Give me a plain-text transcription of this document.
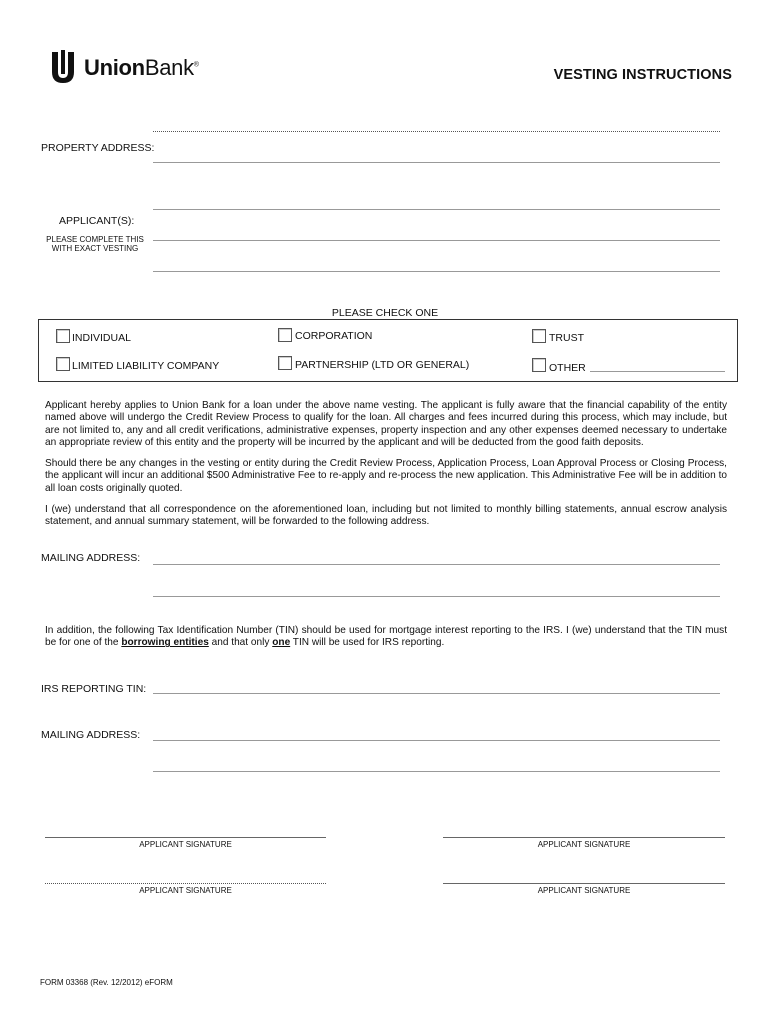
UnionBank®
VESTING INSTRUCTIONS
PROPERTY ADDRESS:
APPLICANT(S):
PLEASE COMPLETE THIS
WITH EXACT VESTING
PLEASE CHECK ONE
INDIVIDUAL	CORPORATION	TRUST
LIMITED LIABILITY COMPANY	PARTNERSHIP (LTD OR GENERAL)	OTHER
Applicant hereby applies to Union Bank for a loan under the above name vesting. The applicant is fully aware that the financial capability of the entity named above will undergo the Credit Review Process to qualify for the loan. All charges and fees incurred during this process, which may include, but are not limited to, any and all credit verifications, administrative expenses, property inspection and any other expenses deemed necessary to undertake an appropriate review of this entity and the property will be incurred by the applicant and will be deducted from the good faith deposits.
Should there be any changes in the vesting or entity during the Credit Review Process, Application Process, Loan Approval Process or Closing Process, the applicant will incur an additional $500 Administrative Fee to re-apply and re-process the new application. This Administrative Fee will be in addition to all loan costs originally quoted.
I (we) understand that all correspondence on the aforementioned loan, including but not limited to monthly billing statements, annual escrow analysis statement, and annual summary statement, will be forwarded to the following address.
MAILING ADDRESS:
In addition, the following Tax Identification Number (TIN) should be used for mortgage interest reporting to the IRS. I (we) understand that the TIN must be for one of the borrowing entities and that only one TIN will be used for IRS reporting.
IRS REPORTING TIN:
MAILING ADDRESS:
APPLICANT SIGNATURE	APPLICANT SIGNATURE
APPLICANT SIGNATURE	APPLICANT SIGNATURE
FORM 03368 (Rev. 12/2012) eFORM
